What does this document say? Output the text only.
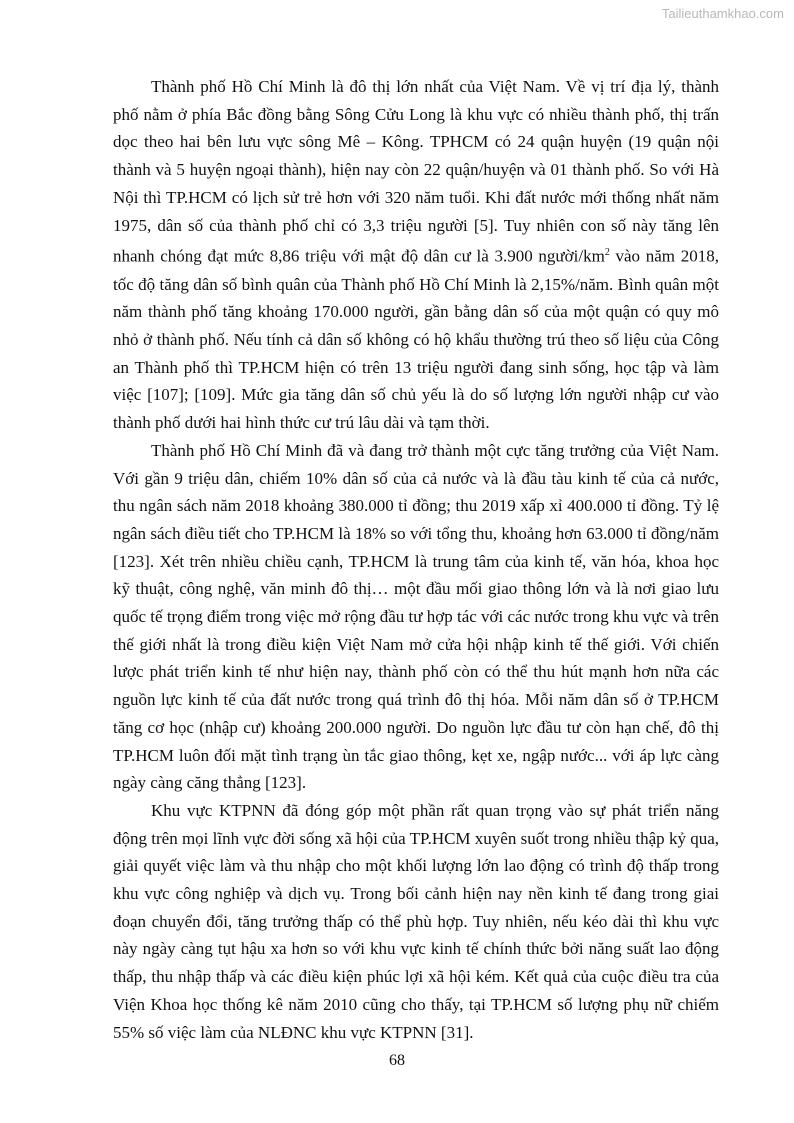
Tailieuthamkhao.com

Thành phố Hồ Chí Minh là đô thị lớn nhất của Việt Nam. Về vị trí địa lý, thành phố nằm ở phía Bắc đồng bằng Sông Cửu Long là khu vực có nhiều thành phố, thị trấn dọc theo hai bên lưu vực sông Mê – Kông. TPHCM có 24 quận huyện (19 quận nội thành và 5 huyện ngoại thành), hiện nay còn 22 quận/huyện và 01 thành phố. So với Hà Nội thì TP.HCM có lịch sử trẻ hơn với 320 năm tuổi. Khi đất nước mới thống nhất năm 1975, dân số của thành phố chỉ có 3,3 triệu người [5]. Tuy nhiên con số này tăng lên nhanh chóng đạt mức 8,86 triệu với mật độ dân cư là 3.900 người/$km^2$ vào năm 2018, tốc độ tăng dân số bình quân của Thành phố Hồ Chí Minh là 2,15%/năm. Bình quân một năm thành phố tăng khoảng 170.000 người, gần bằng dân số của một quận có quy mô nhỏ ở thành phố. Nếu tính cả dân số không có hộ khẩu thường trú theo số liệu của Công an Thành phố thì TP.HCM hiện có trên 13 triệu người đang sinh sống, học tập và làm việc [107]; [109]. Mức gia tăng dân số chủ yếu là do số lượng lớn người nhập cư vào thành phố dưới hai hình thức cư trú lâu dài và tạm thời.

Thành phố Hồ Chí Minh đã và đang trở thành một cực tăng trưởng của Việt Nam. Với gần 9 triệu dân, chiếm 10% dân số của cả nước và là đầu tàu kinh tế của cả nước, thu ngân sách năm 2018 khoảng 380.000 tỉ đồng; thu 2019 xấp xỉ 400.000 tỉ đồng. Tỷ lệ ngân sách điều tiết cho TP.HCM là 18% so với tổng thu, khoảng hơn 63.000 tỉ đồng/năm [123]. Xét trên nhiều chiều cạnh, TP.HCM là trung tâm của kinh tế, văn hóa, khoa học kỹ thuật, công nghệ, văn minh đô thị… một đầu mối giao thông lớn và là nơi giao lưu quốc tế trọng điểm trong việc mở rộng đầu tư hợp tác với các nước trong khu vực và trên thế giới nhất là trong điều kiện Việt Nam mở cửa hội nhập kinh tế thế giới. Với chiến lược phát triển kinh tế như hiện nay, thành phố còn có thể thu hút mạnh hơn nữa các nguồn lực kinh tế của đất nước trong quá trình đô thị hóa. Mỗi năm dân số ở TP.HCM tăng cơ học (nhập cư) khoảng 200.000 người. Do nguồn lực đầu tư còn hạn chế, đô thị TP.HCM luôn đối mặt tình trạng ùn tắc giao thông, kẹt xe, ngập nước... với áp lực càng ngày càng căng thẳng [123].

Khu vực KTPNN đã đóng góp một phần rất quan trọng vào sự phát triển năng động trên mọi lĩnh vực đời sống xã hội của TP.HCM xuyên suốt trong nhiều thập kỷ qua, giải quyết việc làm và thu nhập cho một khối lượng lớn lao động có trình độ thấp trong khu vực công nghiệp và dịch vụ. Trong bối cảnh hiện nay nền kinh tế đang trong giai đoạn chuyển đổi, tăng trưởng thấp có thể phù hợp. Tuy nhiên, nếu kéo dài thì khu vực này ngày càng tụt hậu xa hơn so với khu vực kinh tế chính thức bởi năng suất lao động thấp, thu nhập thấp và các điều kiện phúc lợi xã hội kém. Kết quả của cuộc điều tra của Viện Khoa học thống kê năm 2010 cũng cho thấy, tại TP.HCM số lượng phụ nữ chiếm 55% số việc làm của NLĐNC khu vực KTPNN [31].

68
